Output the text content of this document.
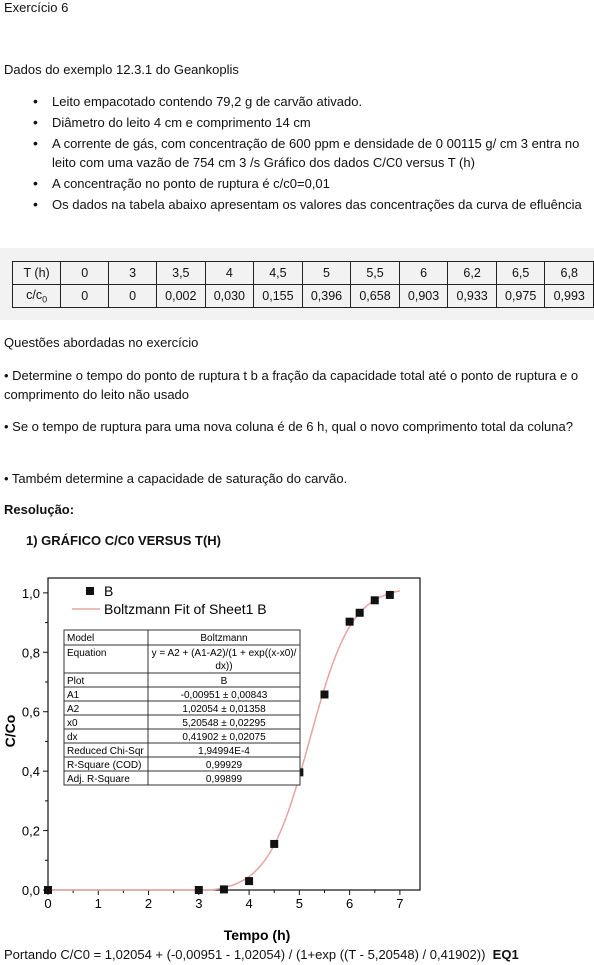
Exercício 6
Dados do exemplo 12.3.1 do Geankoplis
• Leito empacotado contendo 79,2 g de carvão ativado.
• Diâmetro do leito 4 cm e comprimento 14 cm
• A corrente de gás, com concentração de 600 ppm e densidade de 0 00115 g/ cm 3 entra no leito com uma vazão de 754 cm 3 /s Gráfico dos dados C/C0 versus T (h)
• A concentração no ponto de ruptura é c/c0=0,01
• Os dados na tabela abaixo apresentam os valores das concentrações da curva de efluência
T (h)	0	3	3,5	4	4,5	5	5,5	6	6,2	6,5	6,8
$c/c_0$	0	0	0,002	0,030	0,155	0,396	0,658	0,903	0,933	0,975	0,993
Questões abordadas no exercício
• Determine o tempo do ponto de ruptura t b a fração da capacidade total até o ponto de ruptura e o comprimento do leito não usado
• Se o tempo de ruptura para uma nova coluna é de 6 h, qual o novo comprimento total da coluna?
• Também determine a capacidade de saturação do carvão.
Resolução:
1) GRÁFICO C/C0 VERSUS T(H)
0	1	2	3	4	5	6	7
0,0
0,2
0,4
0,6
0,8
1,0	B
Boltzmann Fit of Sheet1 B
Model	Boltzmann
Equation	y = A2 + (A1-A2)/(1 + exp((x-x0)/
dx))
Plot	B
A1	-0,00951 ± 0,00843
A2	1,02054 ± 0,01358
x0	5,20548 ± 0,02295
dx	0,41902 ± 0,02075
Reduced Chi-Sqr	1,94994E-4
R-Square (COD)	0,99929
Adj. R-Square	0,99899
Tempo (h)
C/Co
Portando C/C0 = 1,02054 + (-0,00951 - 1,02054) / (1+exp ((T - 5,20548) / 0,41902)) EQ1
